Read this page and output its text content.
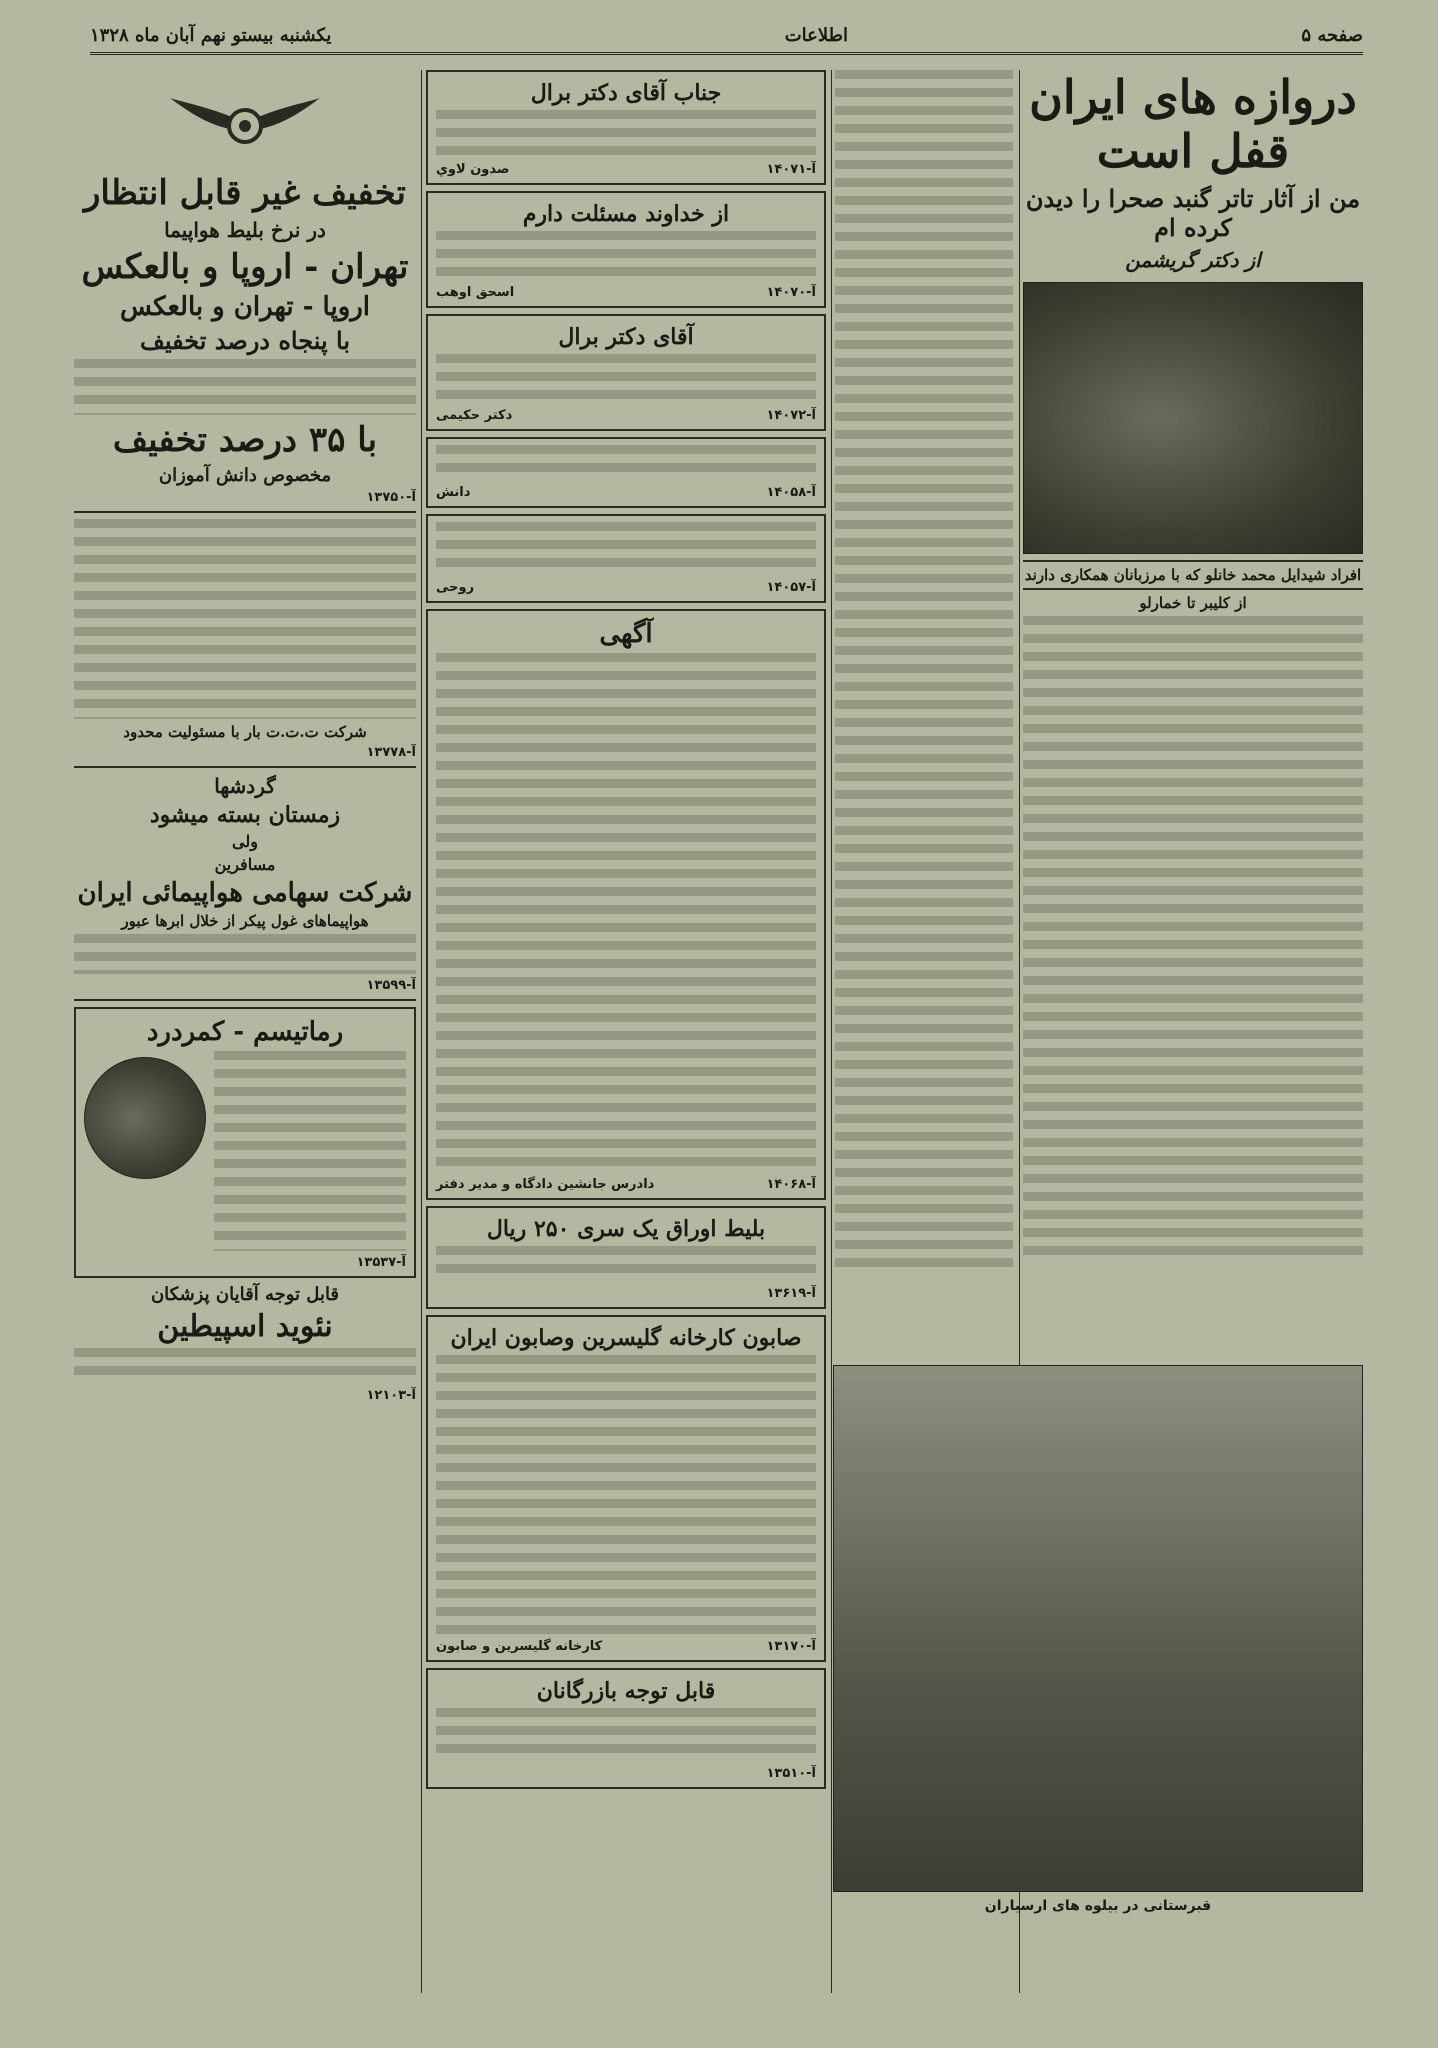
صفحه ۵
اطلاعات
يكشنبه بيستو نهم آبان ماه ۱۳۲۸
دروازه های ایران قفل است
من از آثار تاتر گنبد صحرا را دیدن کرده ام
از دکتر گریشمن
افراد شيدايل محمد خانلو که با مرزبانان همکاری دارند
از کلیبر تا خمارلو
قبرستانی در بیلوه های ارسیاران
جناب آقای دکتر برال
آ-۱۴۰۷۱
صدون لاوي
از خداوند مسئلت دارم
آ-۱۴۰۷۰
اسحق اوهب
آقای دکتر برال
آ-۱۴۰۷۲
دکتر حکیمی
آ-۱۴۰۵۸
دانش
آ-۱۴۰۵۷
روحی
آگهی
آ-۱۴۰۶۸
دادرس جانشین دادگاه و مدیر دفتر
بلیط اوراق یک سری ۲۵۰ ریال
آ-۱۳۶۱۹
صابون کارخانه گلیسرین وصابون ایران
آ-۱۳۱۷۰
کارخانه گلیسرین و صابون
قابل توجه بازرگانان
آ-۱۳۵۱۰
تخفیف غیر قابل انتظار
در نرخ بلیط هواپیما
تهران - اروپا و بالعکس
اروپا - تهران و بالعکس
با پنجاه درصد تخفیف
با ۳۵ درصد تخفیف
مخصوص دانش آموزان
آ-۱۳۷۵۰
شرکت ت.ت.ت بار با مسئولیت محدود
آ-۱۳۷۷۸
گردشها
زمستان بسته میشود
ولی
مسافرین
شرکت سهامی هواپیمائی ایران
هواپیماهای غول پیکر از خلال ابرها عبور
آ-۱۳۵۹۹
رماتیسم - کمردرد
آ-۱۳۵۳۷
قابل توجه آقایان پزشکان
نئوید اسپیطین
آ-۱۲۱۰۳
